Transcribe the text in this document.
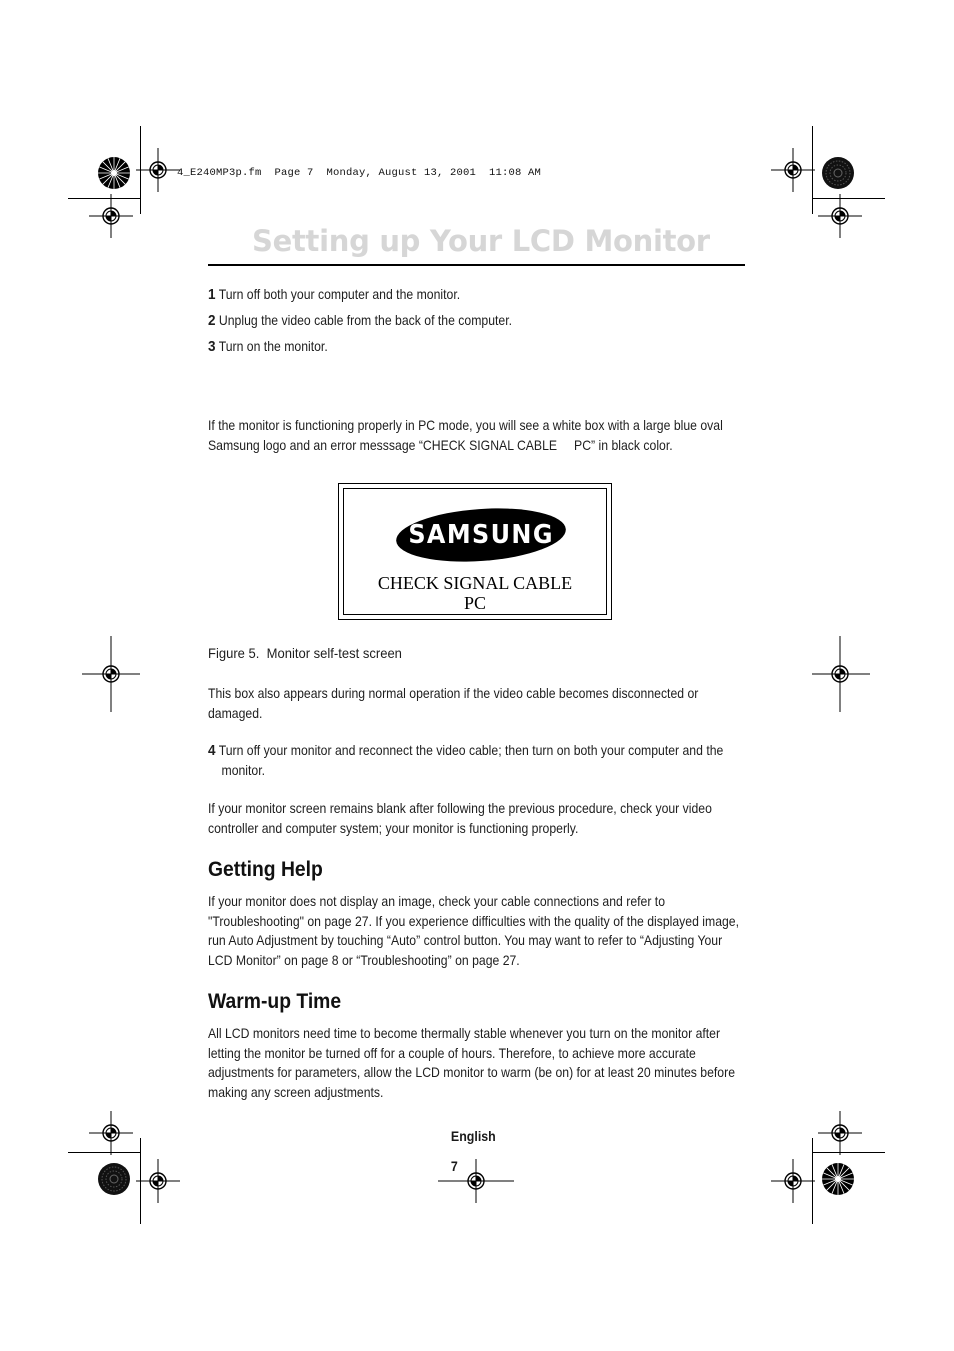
4_E240MP3p.fm  Page 7  Monday, August 13, 2001  11:08 AM
Setting up Your LCD Monitor
1 Turn off both your computer and the monitor.
2 Unplug the video cable from the back of the computer.
3 Turn on the monitor.
If the monitor is functioning properly in PC mode, you will see a white box with a large blue oval Samsung logo and an error messsage “CHECK SIGNAL CABLE     PC” in black color.
SAMSUNG
CHECK SIGNAL CABLE
PC
Figure 5.  Monitor self-test screen
This box also appears during normal operation if the video cable becomes disconnected or damaged.
4 Turn off your monitor and reconnect the video cable; then turn on both your computer and the monitor.
If your monitor screen remains blank after following the previous procedure, check your video controller and computer system; your monitor is functioning properly.
Getting Help
If your monitor does not display an image, check your cable connections and refer to "Troubleshooting" on page 27. If you experience difficulties with the quality of the displayed image, run Auto Adjustment by touching “Auto” control button. You may want to refer to “Adjusting Your LCD Monitor” on page 8 or “Troubleshooting” on page 27.
Warm-up Time
All LCD monitors need time to become thermally stable whenever you turn on the monitor after letting the monitor be turned off for a couple of hours. Therefore, to achieve more accurate adjustments for parameters, allow the LCD monitor to warm (be on) for at least 20 minutes before making any screen adjustments.

English

7
